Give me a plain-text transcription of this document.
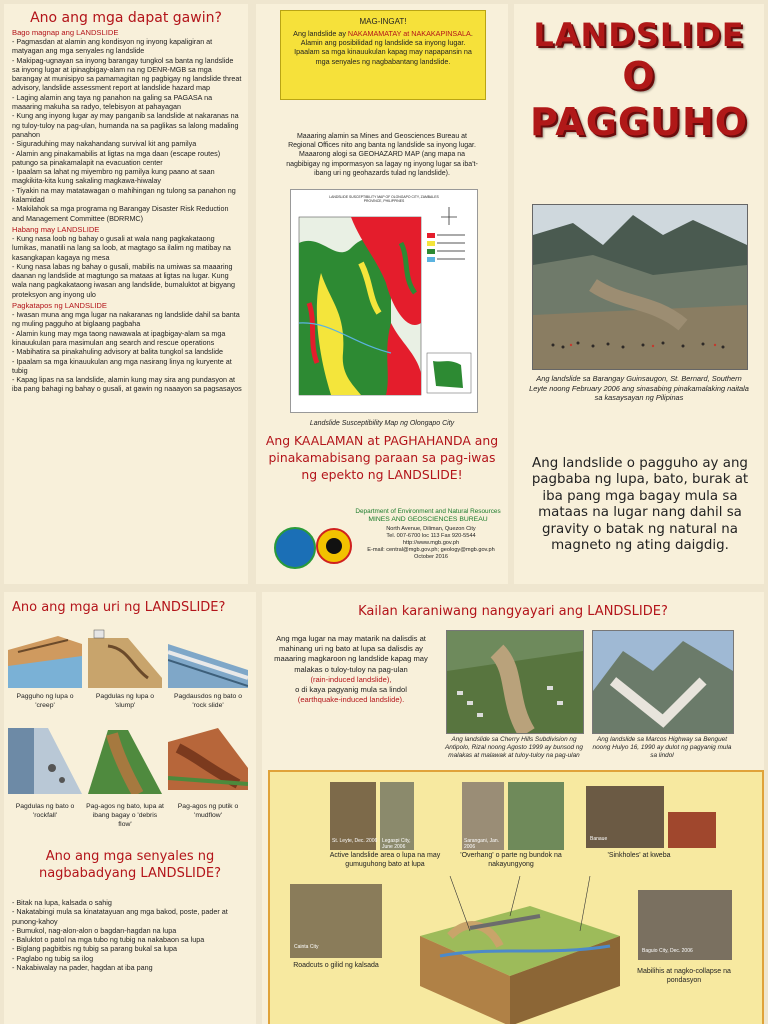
Ano ang mga dapat gawin?
Bago magnap ang LANDSLIDE
- Pagmasdan at alamin ang kondisyon ng inyong kapaligiran at matyagan ang mga senyales ng landslide
- Makipag-ugnayan sa inyong barangay tungkol sa banta ng landslide sa inyong lugar at ipinagbigay-alam na ng DENR-MGB sa mga barangay at munisipyo sa pamamagitan ng pagbigay ng landslide threat advisory, landslide assessment report at landslide hazard map
- Laging alamin ang taya ng panahon na galing sa PAGASA na maaaring makuha sa radyo, telebisyon at pahayagan
- Kung ang inyong lugar ay may panganib sa landslide at nakaranas na ng tuloy-tuloy na pag-ulan, humanda na sa paglikas sa lalong madaling panahon
- Siguraduhing may nakahandang survival kit ang pamilya
- Alamin ang pinakamabilis at ligtas na mga daan (escape routes) patungo sa pinakamalapit na evacuation center
- Ipaalam sa lahat ng miyembro ng pamilya kung paano at saan magkikita-kita kung sakaling magkawa-hiwalay
- Tiyakin na may matatawagan o mahihingan ng tulong sa panahon ng kalamidad
- Makilahok sa mga programa ng Barangay Disaster Risk Reduction and Management Committee (BDRRMC)
Habang may LANDSLIDE
- Kung nasa loob ng bahay o gusali at wala nang pagkakataong lumikas, manatili na lang sa loob, at magtago sa ilalim ng matibay na kasangkapan kagaya ng mesa
- Kung nasa labas ng bahay o gusali, mabilis na umiwas sa maaaring daanan ng landslide at magtungo sa mataas at ligtas na lugar. Kung wala nang pagkakataong iwasan ang landslide, bumaluktot at bigyang proteksyon ang inyong ulo
Pagkatapos ng LANDSLIDE
- Iwasan muna ang mga lugar na nakaranas ng landslide dahil sa banta ng muling pagguho at biglaang pagbaha
- Alamin kung may mga taong nawawala at ipagbigay-alam sa mga kinauukulan para masimulan ang search and rescue operations
- Mabihatira sa pinakahuling advisory at balita tungkol sa landslide
- Ipaalam sa mga kinauukulan ang mga nasirang linya ng kuryente at tubig
- Kapag lipas na sa landslide, alamin kung may sira ang pundasyon at iba pang bahagi ng bahay o gusali, at gawin ng naaayon sa pagsasayos
MAG-INGAT!
Ang landslide ay NAKAMAMATAY at NAKAKAPINSALA. Alamin ang posibilidad ng landslide sa inyong lugar. Ipaalam sa mga kinauukulan kapag may napapansin na mga senyales ng nagbabantang landslide.
Maaaring alamin sa Mines and Geosciences Bureau at Regional Offices nito ang banta ng landslide sa inyong lugar. Maaarong alogi sa GEOHAZARD MAP (ang mapa na nagbibigay ng impormasyon sa lagay ng inyong lugar sa iba't-ibang uri ng geohazards tulad ng landslide).
LANDSLIDE SUSCEPTIBILITY MAP OF OLONGAPO CITY, ZAMBALES PROVINCE, PHILIPPINES
Landslide Susceptibility Map ng Olongapo City
Ang KAALAMAN at PAGHAHANDA ang pinakamabisang paraan sa pag-iwas ng epekto ng LANDSLIDE!
Department of Environment and Natural Resources
MINES AND GEOSCIENCES BUREAU
North Avenue, Diliman, Quezon City
Tel. 007-6700 loc 113 Fax 920-5544
http://www.mgb.gov.ph
E-mail: central@mgb.gov.ph; geology@mgb.gov.ph
October 2016
LANDSLIDE
O
PAGGUHO
Ang landslide sa Barangay Guinsaugon, St. Bernard, Southern Leyte noong February 2006 ang sinasabing pinakamalaking naitala sa kasaysayan ng Pilipinas
Ang landslide o pagguho ay ang pagbaba ng lupa, bato, burak at iba pang mga bagay mula sa mataas na lugar nang dahil sa gravity o batak ng natural na magneto ng ating daigdig.
Ano ang mga uri ng LANDSLIDE?
Pagguho ng lupa o 'creep'
Pagdulas ng lupa o 'slump'
Pagdausdos ng bato o 'rock slide'
Pagdulas ng bato o 'rockfall'
Pag-agos ng bato, lupa at ibang bagay o 'debris flow'
Pag-agos ng putik o 'mudflow'
Ano ang mga senyales ng nagbabadyang LANDSLIDE?
- Bitak na lupa, kalsada o sahig
- Nakatabingi mula sa kinatatayuan ang mga bakod, poste, pader at punong-kahoy
- Bumukol, nag-alon-alon o bagdan-hagdan na lupa
- Baluktot o patol na mga tubo ng tubig na nakabaon sa lupa
- Biglang pagbitbis ng tubig sa parang bukal sa lupa
- Paglabo ng tubig sa ilog
- Nakabiwalay na pader, hagdan at iba pang
Kailan karaniwang nangyayari ang LANDSLIDE?
Ang mga lugar na may matarik na dalisdis at mahinang uri ng bato at lupa sa dalisdis ay maaaring magkaroon ng landslide kapag may malakas o tuloy-tuloy na pag-ulan
(rain-induced landslide),
o di kaya pagyanig mula sa lindol
(earthquake-induced landslide).
Ang landslide sa Cherry Hills Subdivision ng Antipolo, Rizal noong Agosto 1999 ay bunsod ng malakas at malawak at tuloy-tuloy na pag-ulan
Ang landslide sa Marcos Highway sa Benguet noong Hulyo 16, 1990 ay dulot ng pagyanig mula sa lindol
St. Leyte, Dec. 2006 Legaspi City, June 2006
Sarangani, Jan. 2006
Banaue
Active landslide area o lupa na may gumuguhong bato at lupa
'Overhang' o parte ng bundok na nakayungyong
'Sinkholes' at kweba
Cainta City
Roadcuts o gilid ng kalsada
Baguio City, Dec. 2006
Mabilihis at nagko-collapse na pondasyon
